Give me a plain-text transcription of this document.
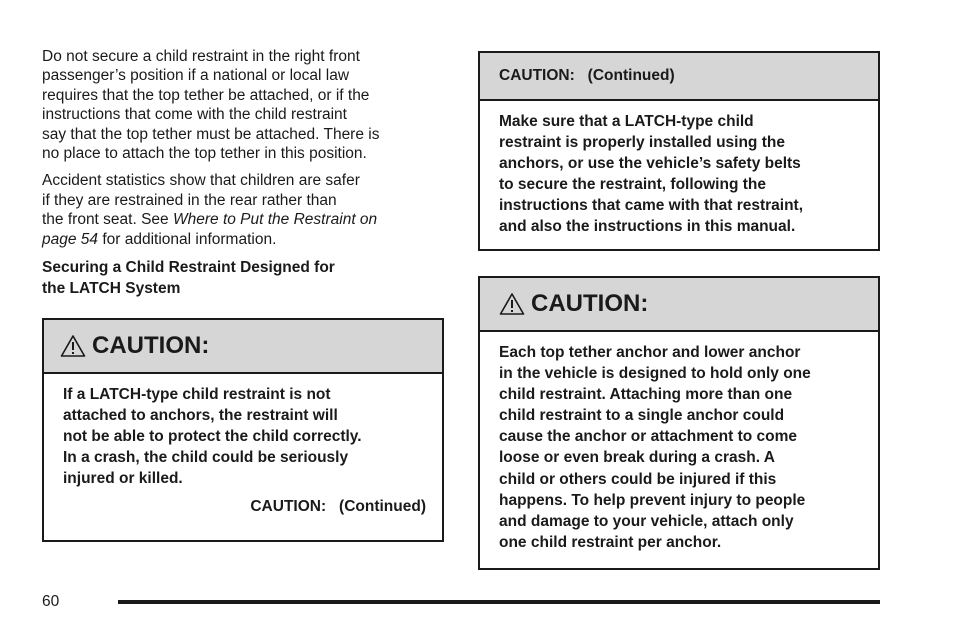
Do not secure a child restraint in the right front
passenger’s position if a national or local law
requires that the top tether be attached, or if the
instructions that come with the child restraint
say that the top tether must be attached. There is
no place to attach the top tether in this position.

Accident statistics show that children are safer
if they are restrained in the rear rather than
the front seat. See Where to Put the Restraint on
page 54 for additional information.

Securing a Child Restraint Designed for
the LATCH System
CAUTION:
If a LATCH-type child restraint is not
attached to anchors, the restraint will
not be able to protect the child correctly.
In a crash, the child could be seriously
injured or killed.
CAUTION:   (Continued)
CAUTION:   (Continued)
Make sure that a LATCH-type child
restraint is properly installed using the
anchors, or use the vehicle’s safety belts
to secure the restraint, following the
instructions that came with that restraint,
and also the instructions in this manual.
CAUTION:
Each top tether anchor and lower anchor
in the vehicle is designed to hold only one
child restraint. Attaching more than one
child restraint to a single anchor could
cause the anchor or attachment to come
loose or even break during a crash. A
child or others could be injured if this
happens. To help prevent injury to people
and damage to your vehicle, attach only
one child restraint per anchor.
60
